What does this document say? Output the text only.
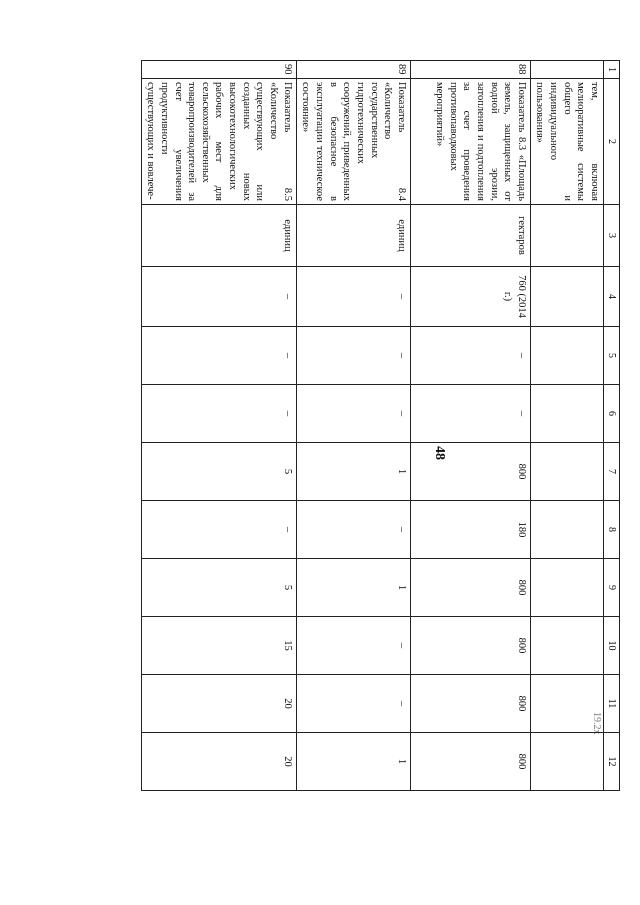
48
19.2x
1	2	3	4	5	6	7	8	9	10	11	12
	тем, включая мелиоративные системы общего и индивидуального пользования»										
88	Показатель 8.3 «Площадь земель, защищенных от водной эрозии, затопления и подтопления за счет проведения противопаводковых мероприятий»	гектаров	760 (2014 г.)	–	–	800	180	800	800	800	800
89	Показатель 8.4 «Количество государственных гидротехнических сооружений, приведенных в безопасное в эксплуатации техническое состояние»	единиц	–	–	–	1	–	1	–	–	1
90	Показатель 8.5 «Количество существующих или созданных новых высокотехнологических рабочих мест для сельскохозяйственных товаропроизводителей за счет увеличения продуктивности существующих и вовлече-	единиц	–	–	–	5	–	5	15	20	20
